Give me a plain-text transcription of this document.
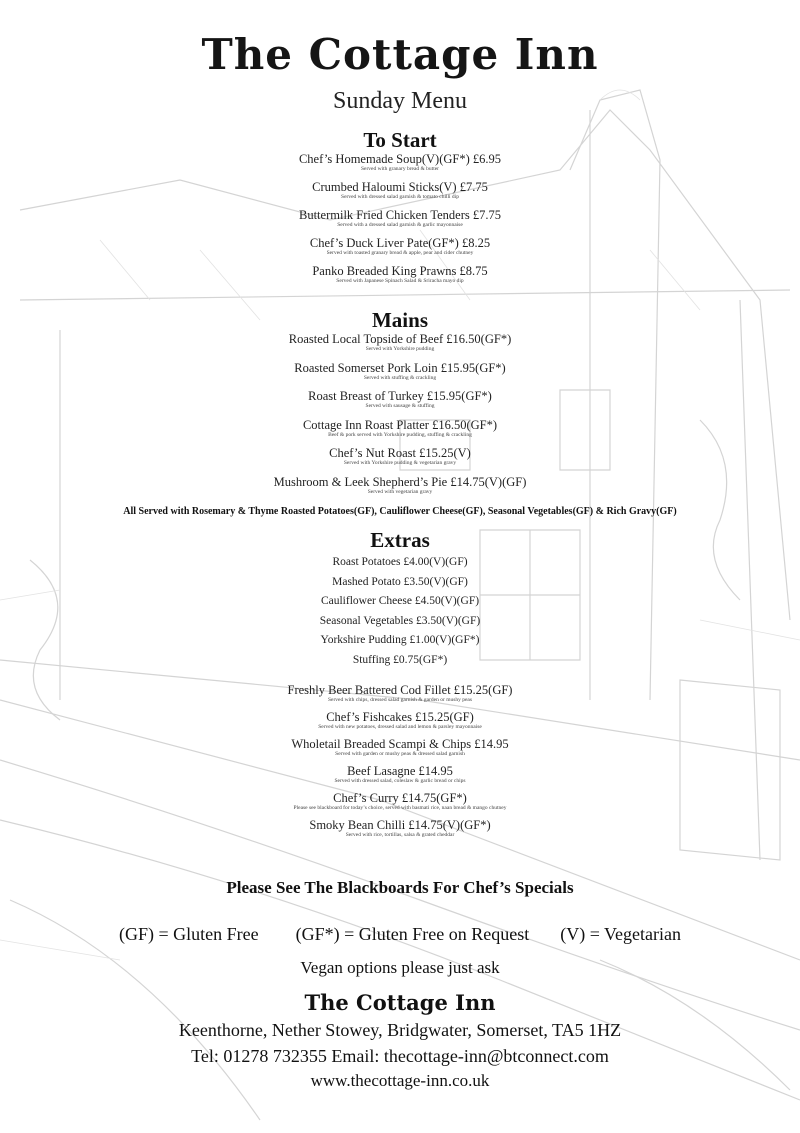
The Cottage Inn
Sunday Menu
To Start
Chef’s Homemade Soup(V)(GF*) £6.95
Served with granary bread & butter
Crumbed Haloumi Sticks(V) £7.75
Served with dressed salad garnish & tomato chilli dip
Buttermilk Fried Chicken Tenders £7.75
Served with a dressed salad garnish & garlic mayonnaise
Chef’s Duck Liver Pate(GF*) £8.25
Served with toasted granary bread & apple, pear and cider chutney
Panko Breaded King Prawns £8.75
Served with Japanese Spinach Salad & Sriracha mayo dip
Mains
Roasted Local Topside of Beef £16.50(GF*)
Served with Yorkshire pudding
Roasted Somerset Pork Loin £15.95(GF*)
Served with stuffing & crackling
Roast Breast of Turkey £15.95(GF*)
Served with sausage & stuffing
Cottage Inn Roast Platter £16.50(GF*)
Beef & pork served with Yorkshire pudding, stuffing & crackling
Chef’s Nut Roast £15.25(V)
Served with Yorkshire pudding & vegetarian gravy
Mushroom & Leek Shepherd’s Pie £14.75(V)(GF)
Served with vegetarian gravy
All Served with Rosemary & Thyme Roasted Potatoes(GF), Cauliflower Cheese(GF), Seasonal Vegetables(GF) & Rich Gravy(GF)
Extras
Roast Potatoes £4.00(V)(GF)
Mashed Potato £3.50(V)(GF)
Cauliflower Cheese £4.50(V)(GF)
Seasonal Vegetables £3.50(V)(GF)
Yorkshire Pudding £1.00(V)(GF*)
Stuffing £0.75(GF*)
Freshly Beer Battered Cod Fillet £15.25(GF)
Served with chips, dressed salad garnish & garden or mushy peas
Chef’s Fishcakes £15.25(GF)
Served with new potatoes, dressed salad and lemon & parsley mayonnaise
Wholetail Breaded Scampi & Chips £14.95
Served with garden or mushy peas & dressed salad garnish
Beef Lasagne £14.95
Served with dressed salad, coleslaw & garlic bread or chips
Chef’s Curry £14.75(GF*)
Please see blackboard for today’s choice, served with basmati rice, naan bread & mango chutney
Smoky Bean Chilli £14.75(V)(GF*)
Served with rice, tortillas, salsa & grated cheddar
Please See The Blackboards For Chef’s Specials
(GF) = Gluten Free (GF*) = Gluten Free on Request (V) = Vegetarian
Vegan options please just ask
The Cottage Inn
Keenthorne, Nether Stowey, Bridgwater, Somerset, TA5 1HZ
Tel: 01278 732355 Email: thecottage-inn@btconnect.com
www.thecottage-inn.co.uk
